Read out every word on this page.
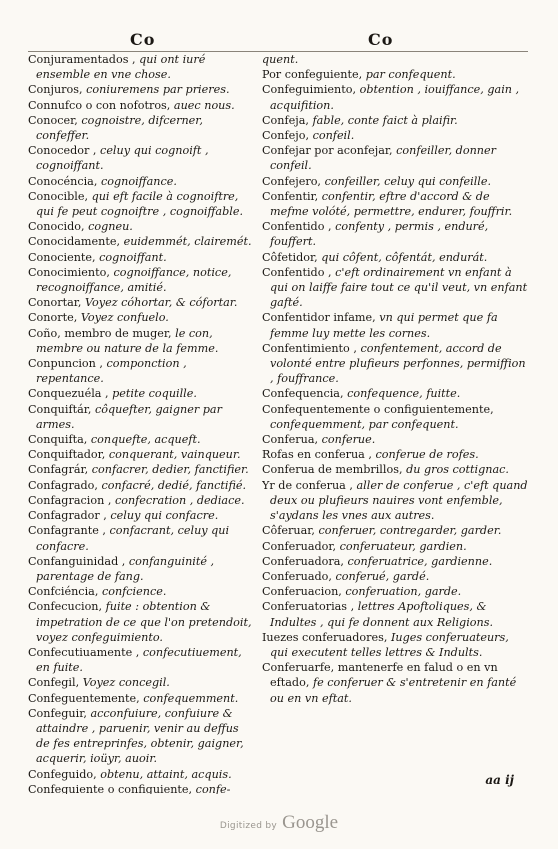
Co	Co

Conjuramentados , qui ont iuré ensemble en vne chose.

Conjuros, coniuremens par prieres.

Connufco o con nofotros, auec nous.

Conocer, cognoistre, difcerner, confeffer.

Conocedor , celuy qui cognoift , cognoiffant.

Conocéncia, cognoiffance.

Conocible, qui eft facile à cognoiftre, qui fe peut cognoiftre , cognoiffable.

Conocido, cogneu.

Conocidamente, euidemmét, clairemét.

Conociente, cognoiffant.

Conocimiento, cognoiffance, notice, recognoiffance, amitié.

Conortar, Voyez cóhortar, & cófortar.

Conorte, Voyez confuelo.

Coño, membro de muger, le con, membre ou nature de la femme.

Conpuncion , componction , repentance.

Conquezuéla , petite coquille.

Conquiftár, côquefter, gaigner par armes.

Conquifta, conquefte, acqueft.

Conquiftador, conquerant, vainqueur.

Confagrár, confacrer, dedier, fanctifier.

Confagrado, confacré, dedié, fanctifié.

Confagracion , confecration , dediace.

Confagrador , celuy qui confacre.

Confagrante , confacrant, celuy qui confacre.

Confanguinidad , confanguinité , parentage de fang.

Confciéncia, confcience.

Confecucion, fuite : obtention & impetration de ce que l'on pretendoit, voyez confeguimiento.

Confecutiuamente , confecutiuement, en fuite.

Confegil, Voyez concegil.

Confeguentemente, confequemment.

Confeguir, acconfuiure, confuiure & attaindre , paruenir, venir au deffus de fes entreprinfes, obtenir, gaigner, acquerir, ioüyr, auoir.

Confeguido, obtenu, attaint, acquis.

Confeguiente o configuiente, confe-

quent.

Por confeguiente, par confequent.

Confeguimiento, obtention , iouiffance, gain , acquifition.

Confeja, fable, conte faict à plaifir.

Confejo, confeil.

Confejar por aconfejar, confeiller, donner confeil.

Confejero, confeiller, celuy qui confeille.

Confentir, confentir, eftre d'accord & de mefme volóté, permettre, endurer, fouffrir.

Confentido , confenty , permis , enduré, fouffert.

Côfetidor, qui côfent, côfentát, endurát.

Confentido , c'eft ordinairement vn enfant à qui on laiffe faire tout ce qu'il veut, vn enfant gafté.

Confentidor infame, vn qui permet que fa femme luy mette les cornes.

Confentimiento , confentement, accord de volonté entre plufieurs perfonnes, permiffion , fouffrance.

Confequencia, confequence, fuitte.

Confequentemente o configuientemente, confequemment, par confequent.

Conferua, conferue.

Rofas en conferua , conferue de rofes.

Conferua de membrillos, du gros cottignac.

Yr de conferua , aller de conferue , c'eft quand deux ou plufieurs nauires vont enfemble, s'aydans les vnes aux autres.

Côferuar, conferuer, contregarder, garder.

Conferuador, conferuateur, gardien.

Conferuadora, conferuatrice, gardienne.

Conferuado, conferué, gardé.

Conferuacion, conferuation, garde.

Conferuatorias , lettres Apoftoliques, & Indultes , qui fe donnent aux Religions.

Iuezes conferuadores, Iuges conferuateurs, qui executent telles lettres & Indults.

Conferuarfe, mantenerfe en falud o en vn eftado, fe conferuer & s'entretenir en fanté ou en vn eftat.

aa ij
Digitized by Google
